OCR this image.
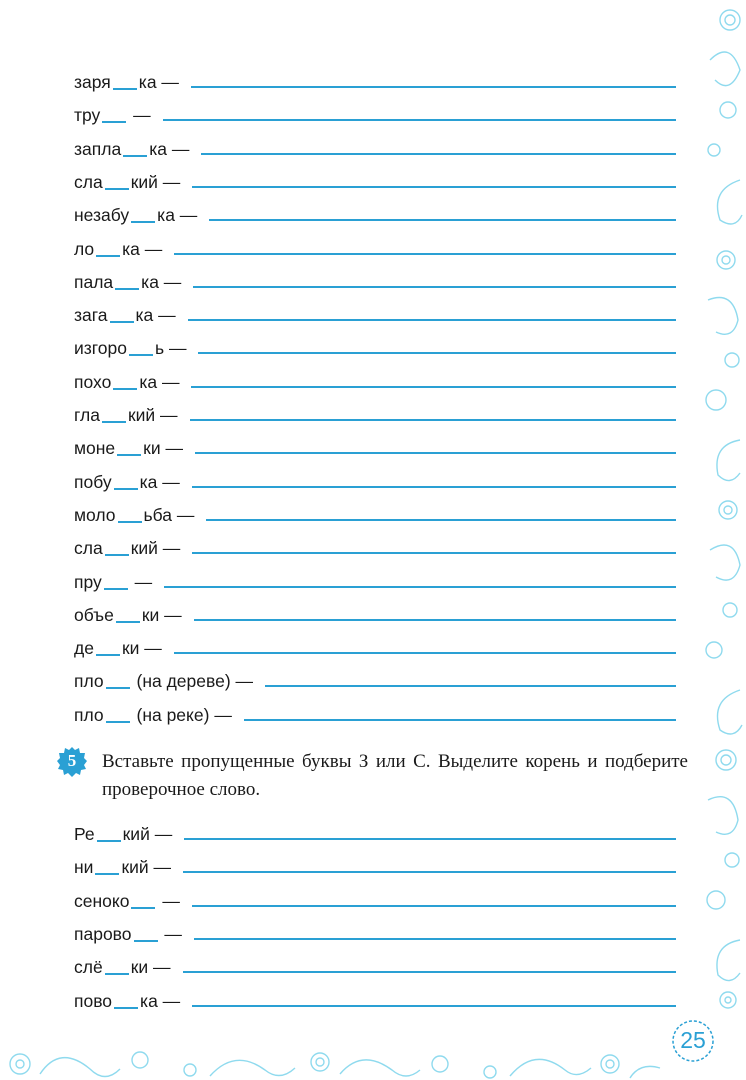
заря ка —
тру —
запла ка —
сла кий —
незабу ка —
ло ка —
пала ка —
зага ка —
изгоро ь —
похо ка —
гла кий —
моне ки —
побу ка —
моло ьба —
сла кий —
пру —
объе ки —
де ки —
пло (на дереве) —
пло (на реке) —
5	Вставьте пропущенные буквы З или С. Выделите корень и подберите проверочное слово.
Ре кий —
ни кий —
сеноко —
парово —
слё ки —
пово ка —
25
